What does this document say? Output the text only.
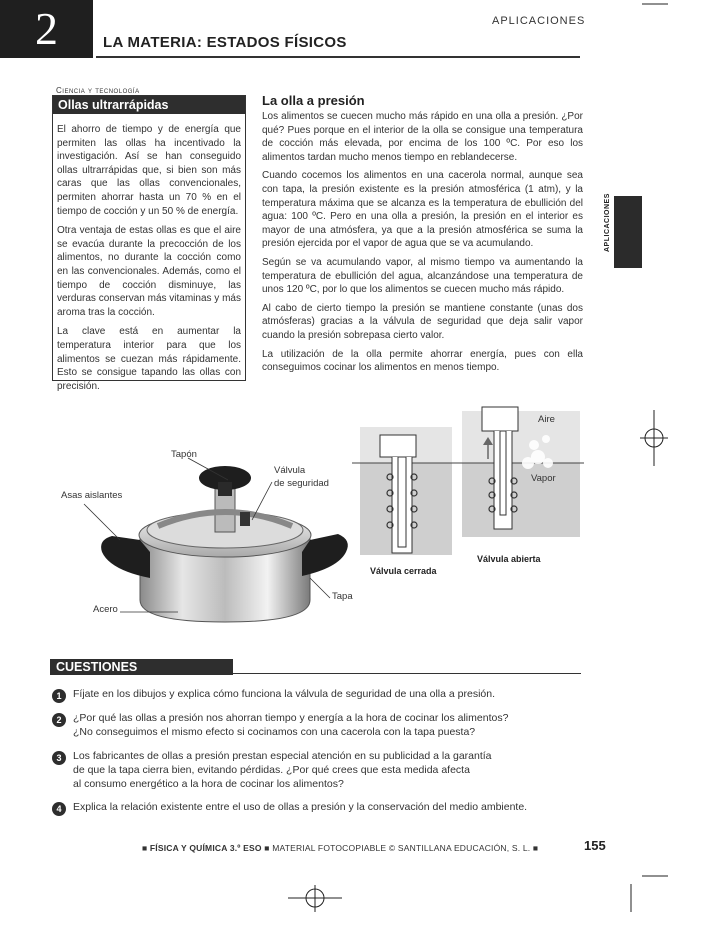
2	LA MATERIA: ESTADOS FÍSICOS
APLICACIONES
APLICACIONES
Ciencia y tecnología
Ollas ultrarrápidas

El ahorro de tiempo y de energía que permiten las ollas ha incentivado la investigación. Así se han conseguido ollas ultrarrápidas que, si bien son más caras que las ollas convencionales, permiten ahorrar hasta un 70 % en el tiempo de cocción y un 50 % de energía.

Otra ventaja de estas ollas es que el aire se evacúa durante la precocción de los alimentos, no durante la cocción como en las convencionales. Además, como el tiempo de cocción disminuye, las verduras conservan más vitaminas y más aroma tras la cocción.

La clave está en aumentar la temperatura interior para que los alimentos se cuezan más rápidamente. Esto se consigue tapando las ollas con precisión.

La olla a presión

Los alimentos se cuecen mucho más rápido en una olla a presión. ¿Por qué? Pues porque en el interior de la olla se consigue una temperatura de cocción más elevada, por encima de los 100 ºC. Por eso los alimentos tardan mucho menos tiempo en reblandecerse.

Cuando cocemos los alimentos en una cacerola normal, aunque sea con tapa, la presión existente es la presión atmosférica (1 atm), y la temperatura máxima que se alcanza es la temperatura de ebullición del agua: 100 ºC. Pero en una olla a presión, la presión en el interior es mayor de una atmósfera, ya que a la presión atmosférica se suma la presión ejercida por el vapor de agua que se va acumulando.

Según se va acumulando vapor, al mismo tiempo va aumentando la temperatura de ebullición del agua, alcanzándose una temperatura de unos 120 ºC, por lo que los alimentos se cuecen mucho más rápido.

Al cabo de cierto tiempo la presión se mantiene constante (unas dos atmósferas) gracias a la válvula de seguridad que deja salir vapor cuando la presión sobrepasa cierto valor.

La utilización de la olla permite ahorrar energía, pues con ella conseguimos cocinar los alimentos en menos tiempo.

Tapón
Válvula
de seguridad
Asas aislantes
Tapa
Acero
Aire
Vapor
Válvula cerrada
Válvula abierta
CUESTIONES
1	Fíjate en los dibujos y explica cómo funciona la válvula de seguridad de una olla a presión.
2	¿Por qué las ollas a presión nos ahorran tiempo y energía a la hora de cocinar los alimentos?
¿No conseguimos el mismo efecto si cocinamos con una cacerola con la tapa puesta?
3	Los fabricantes de ollas a presión prestan especial atención en su publicidad a la garantía
de que la tapa cierra bien, evitando pérdidas. ¿Por qué crees que esta medida afecta
al consumo energético a la hora de cocinar los alimentos?
4	Explica la relación existente entre el uso de ollas a presión y la conservación del medio ambiente.
■ FÍSICA Y QUÍMICA 3.º ESO ■ MATERIAL FOTOCOPIABLE © SANTILLANA EDUCACIÓN, S. L. ■	155
